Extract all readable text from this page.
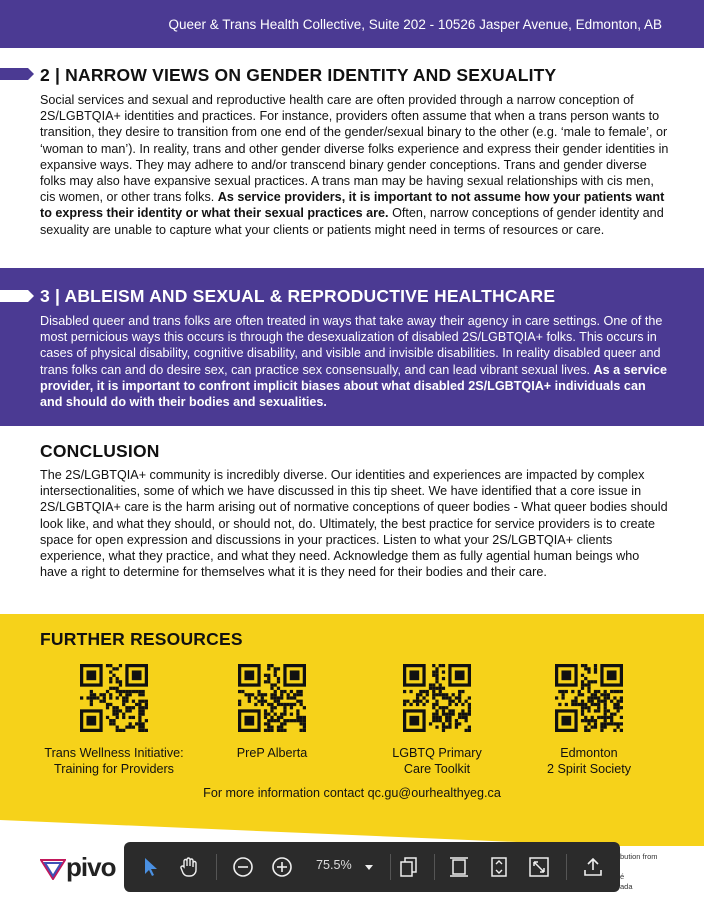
Queer & Trans Health Collective, Suite 202 - 10526 Jasper Avenue, Edmonton, AB
2 | NARROW VIEWS ON GENDER IDENTITY AND SEXUALITY
Social services and sexual and reproductive health care are often provided through a narrow conception of 2S/LGBTQIA+ identities and practices. For instance, providers often assume that when a trans person wants to transition, they desire to transition from one end of the gender/sexual binary to the other (e.g. ‘male to female’, or ‘woman to man’). In reality, trans and other gender diverse folks experience and express their gender identities in expansive ways. They may adhere to and/or transcend binary gender conceptions. Trans and gender diverse folks may also have expansive sexual practices. A trans man may be having sexual relationships with cis men, cis women, or other trans folks. As service providers, it is important to not assume how your patients want to express their identity or what their sexual practices are. Often, narrow conceptions of gender identity and sexuality are unable to capture what your clients or patients might need in terms of resources or care.
3 | ABLEISM AND SEXUAL & REPRODUCTIVE HEALTHCARE
Disabled queer and trans folks are often treated in ways that take away their agency in care settings. One of the most pernicious ways this occurs is through the desexualization of disabled 2S/LGBTQIA+ folks. This occurs in cases of physical disability, cognitive disability, and visible and invisible disabilities. In reality disabled queer and trans folks can and do desire sex, can practice sex consensually, and can lead vibrant sexual lives. As a service provider, it is important to confront implicit biases about what disabled 2S/LGBTQIA+ individuals can and should do with their bodies and sexualities.
CONCLUSION
The 2S/LGBTQIA+ community is incredibly diverse. Our identities and experiences are impacted by complex intersectionalities, some of which we have discussed in this tip sheet. We have identified that a core issue in 2S/LGBTQIA+ care is the harm arising out of normative conceptions of queer bodies - What queer bodies should look like, and what they should, or should not, do. Ultimately, the best practice for service providers is to create space for open expression and discussions in your practices. Listen to what your 2S/LGBTQIA+ clients experience, what they practice, and what they need. Acknowledge them as fully agential human beings who have a right to determine for themselves what it is they need for their bodies and their care.
FURTHER RESOURCES
Trans Wellness Initiative:
Training for Providers
PreP Alberta	LGBTQ Primary
Care Toolkit
Edmonton
2 Spirit Society
For more information contact qc.gu@ourhealthyeg.ca
pivo	bution from
é
ada
75.5%
